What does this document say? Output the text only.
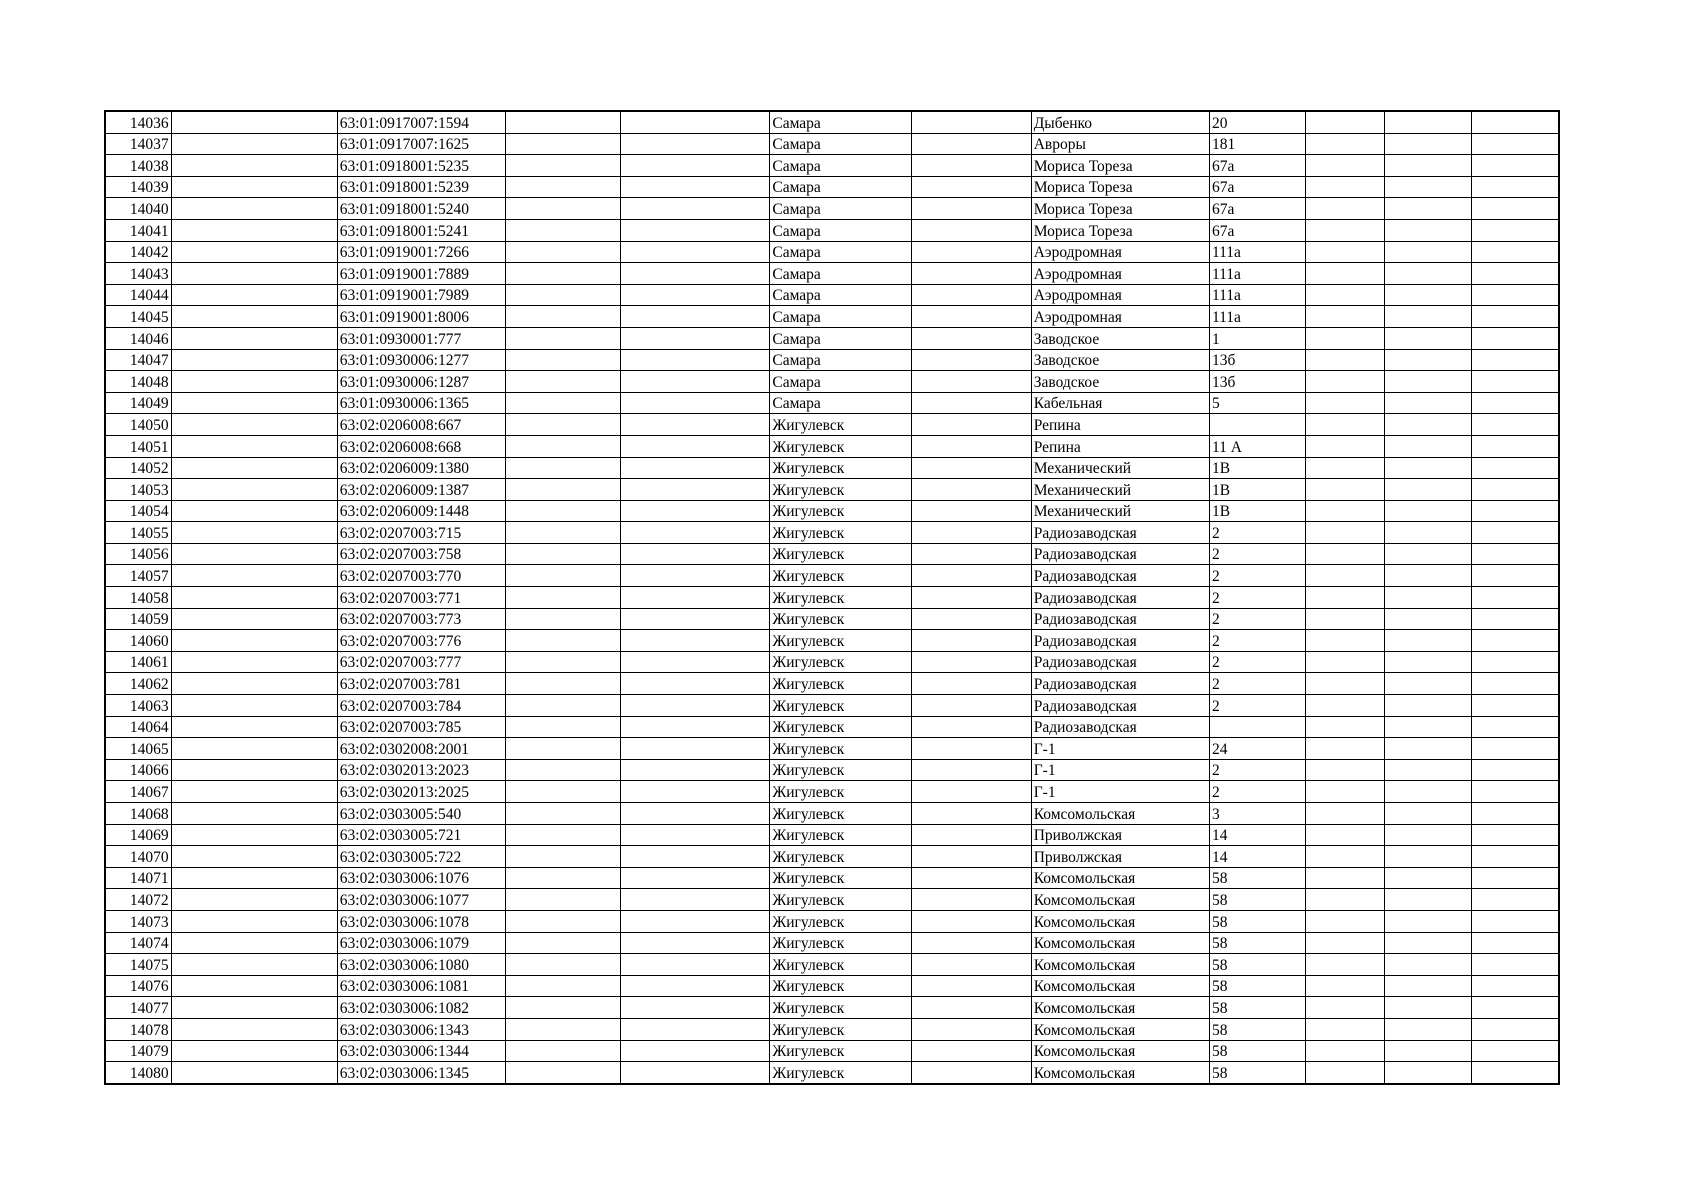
14036		63:01:0917007:1594			Самара		Дыбенко	20			
14037		63:01:0917007:1625			Самара		Авроры	181			
14038		63:01:0918001:5235			Самара		Мориса Тореза	67а			
14039		63:01:0918001:5239			Самара		Мориса Тореза	67а			
14040		63:01:0918001:5240			Самара		Мориса Тореза	67а			
14041		63:01:0918001:5241			Самара		Мориса Тореза	67а			
14042		63:01:0919001:7266			Самара		Аэродромная	111а			
14043		63:01:0919001:7889			Самара		Аэродромная	111а			
14044		63:01:0919001:7989			Самара		Аэродромная	111а			
14045		63:01:0919001:8006			Самара		Аэродромная	111а			
14046		63:01:0930001:777			Самара		Заводское	1			
14047		63:01:0930006:1277			Самара		Заводское	13б			
14048		63:01:0930006:1287			Самара		Заводское	13б			
14049		63:01:0930006:1365			Самара		Кабельная	5			
14050		63:02:0206008:667			Жигулевск		Репина				
14051		63:02:0206008:668			Жигулевск		Репина	11 А			
14052		63:02:0206009:1380			Жигулевск		Механический	1В			
14053		63:02:0206009:1387			Жигулевск		Механический	1В			
14054		63:02:0206009:1448			Жигулевск		Механический	1В			
14055		63:02:0207003:715			Жигулевск		Радиозаводская	2			
14056		63:02:0207003:758			Жигулевск		Радиозаводская	2			
14057		63:02:0207003:770			Жигулевск		Радиозаводская	2			
14058		63:02:0207003:771			Жигулевск		Радиозаводская	2			
14059		63:02:0207003:773			Жигулевск		Радиозаводская	2			
14060		63:02:0207003:776			Жигулевск		Радиозаводская	2			
14061		63:02:0207003:777			Жигулевск		Радиозаводская	2			
14062		63:02:0207003:781			Жигулевск		Радиозаводская	2			
14063		63:02:0207003:784			Жигулевск		Радиозаводская	2			
14064		63:02:0207003:785			Жигулевск		Радиозаводская				
14065		63:02:0302008:2001			Жигулевск		Г-1	24			
14066		63:02:0302013:2023			Жигулевск		Г-1	2			
14067		63:02:0302013:2025			Жигулевск		Г-1	2			
14068		63:02:0303005:540			Жигулевск		Комсомольская	3			
14069		63:02:0303005:721			Жигулевск		Приволжская	14			
14070		63:02:0303005:722			Жигулевск		Приволжская	14			
14071		63:02:0303006:1076			Жигулевск		Комсомольская	58			
14072		63:02:0303006:1077			Жигулевск		Комсомольская	58			
14073		63:02:0303006:1078			Жигулевск		Комсомольская	58			
14074		63:02:0303006:1079			Жигулевск		Комсомольская	58			
14075		63:02:0303006:1080			Жигулевск		Комсомольская	58			
14076		63:02:0303006:1081			Жигулевск		Комсомольская	58			
14077		63:02:0303006:1082			Жигулевск		Комсомольская	58			
14078		63:02:0303006:1343			Жигулевск		Комсомольская	58			
14079		63:02:0303006:1344			Жигулевск		Комсомольская	58			
14080		63:02:0303006:1345			Жигулевск		Комсомольская	58			
